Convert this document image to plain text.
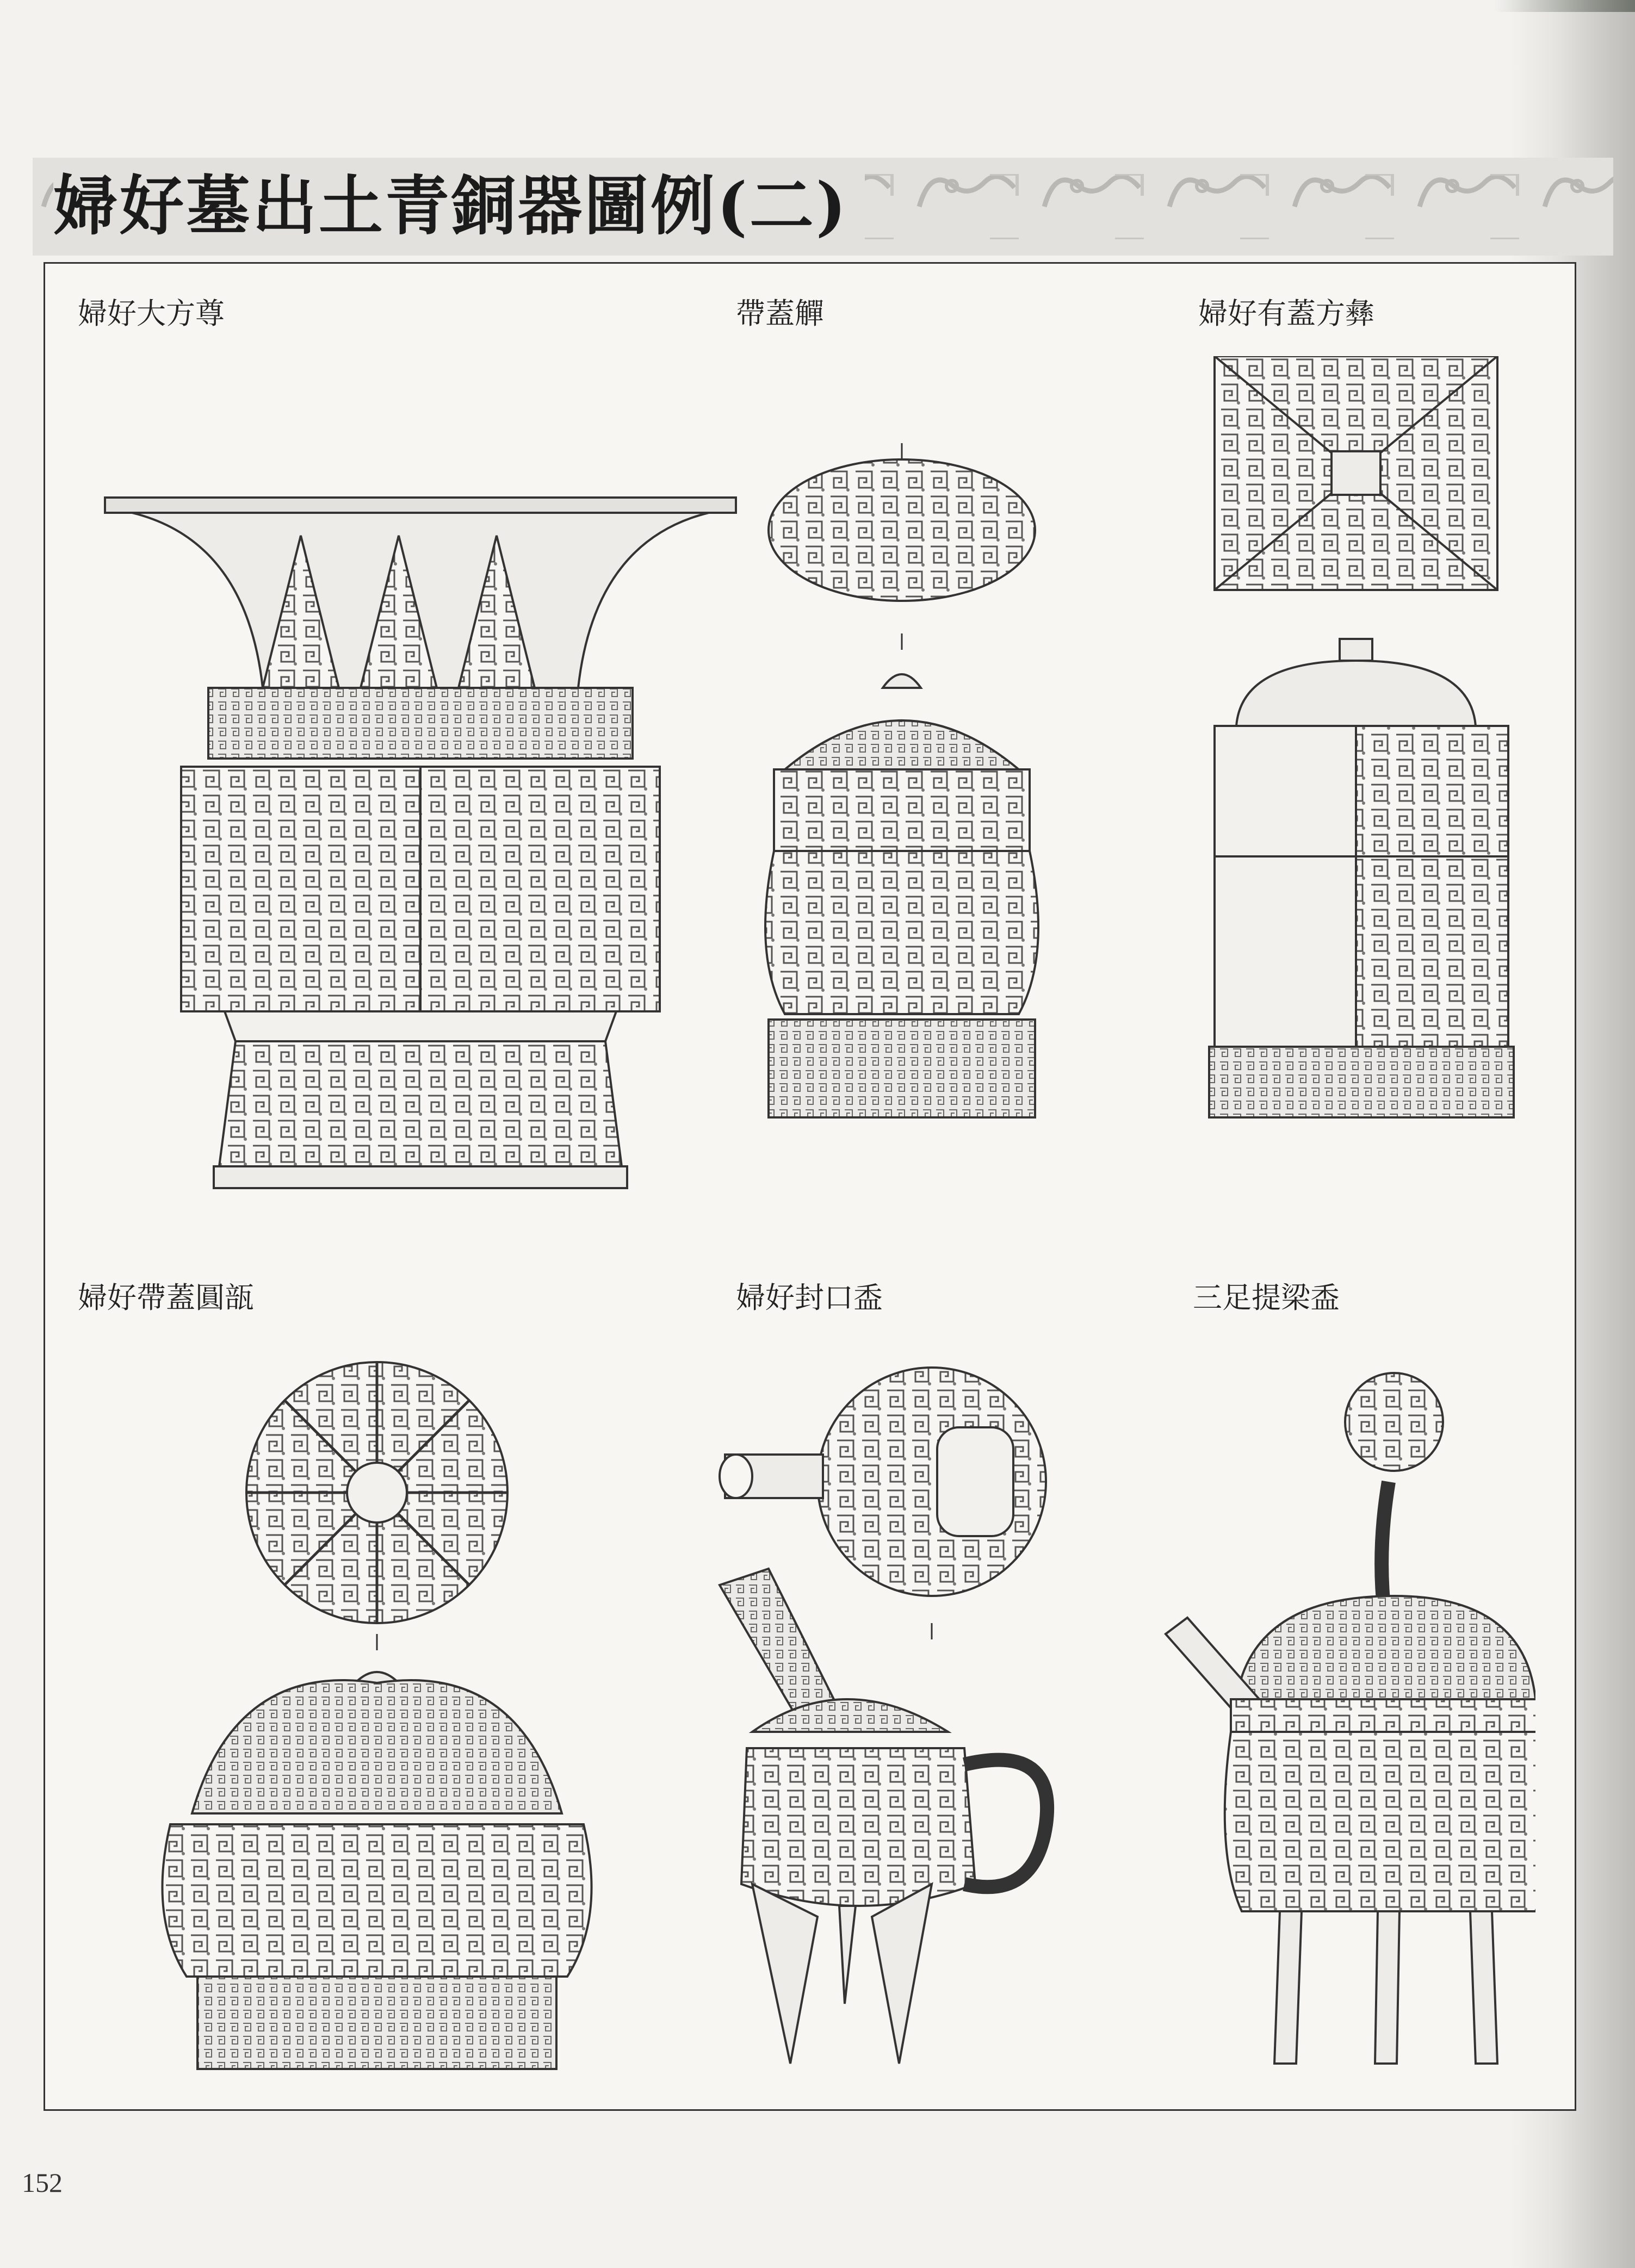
婦好墓出土青銅器圖例(二)
婦好大方尊	帶蓋觶	婦好有蓋方彝
婦好帶蓋圓瓿	婦好封口盉	三足提梁盉
152
